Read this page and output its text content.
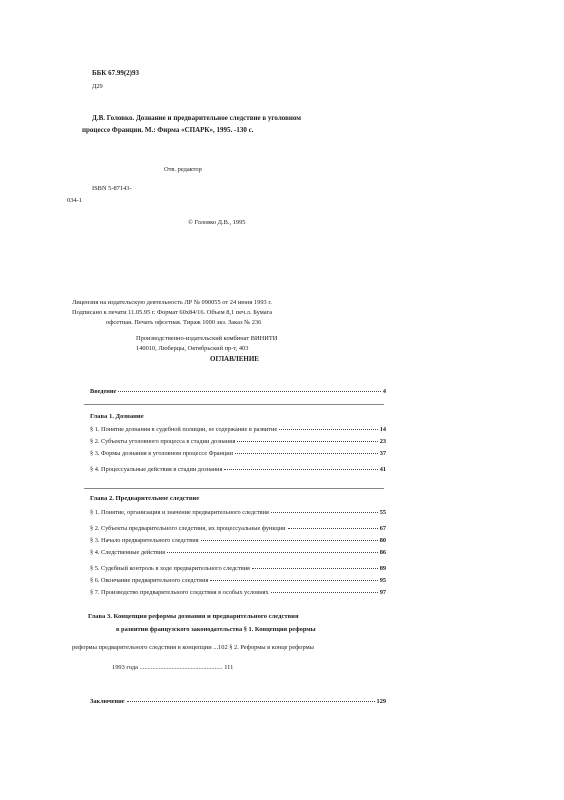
ББК 67.99(2)93
Д29
Д.В. Головко. Дознание и предварительное следствие в уголовном
процессе Франции. М.: Фирма «СПАРК», 1995. -130 с.
Отв. редактор
ISBN 5-87143-
034-1
© Головко Д.В., 1995
Лицензия на издательскую деятельность ЛР № 090055 от 24 июня 1993 г.
Подписано к печати 11.05.95 г. Формат 60х84/16. Объем 8,1 печ.л. Бумага
офсетная. Печать офсетная. Тираж 1000 экз. Заказ № 236
Производственно-издательский комбинат ВИНИТИ
140010, Люберцы, Октябрьский пр-т, 403
ОГЛАВЛЕНИЕ
Введение	4
Глава 1. Дознание
§ 1. Понятие дознания в судебной полиции, ее содержание в развитие	14
§ 2. Субъекты уголовного процесса в стадии дознания	23
§ 3. Формы дознания в уголовном процессе Франции	37
§ 4. Процессуальные действия в стадии дознания	41
Глава 2. Предварительное следствие
§ 1. Понятие, организация и значение предварительного следствия	55
§ 2. Субъекты предварительного следствия, их процессуальные функции	67
§ 3. Начало предварительного следствия	80
§ 4. Следственные действия	86
§ 5. Судебный контроль в ходе предварительного следствия	89
§ 6. Окончание предварительного следствия	95
§ 7. Производство предварительного следствия в особых условиях	97
Глава 3. Концепция реформы дознания и предварительного следствия
в развитии французского законодательства § 1. Концепция реформы
реформы предварительного следствия в концепции ...102 § 2. Реформы в конце реформы
1993 года .................................................... 111
Заключение	129
